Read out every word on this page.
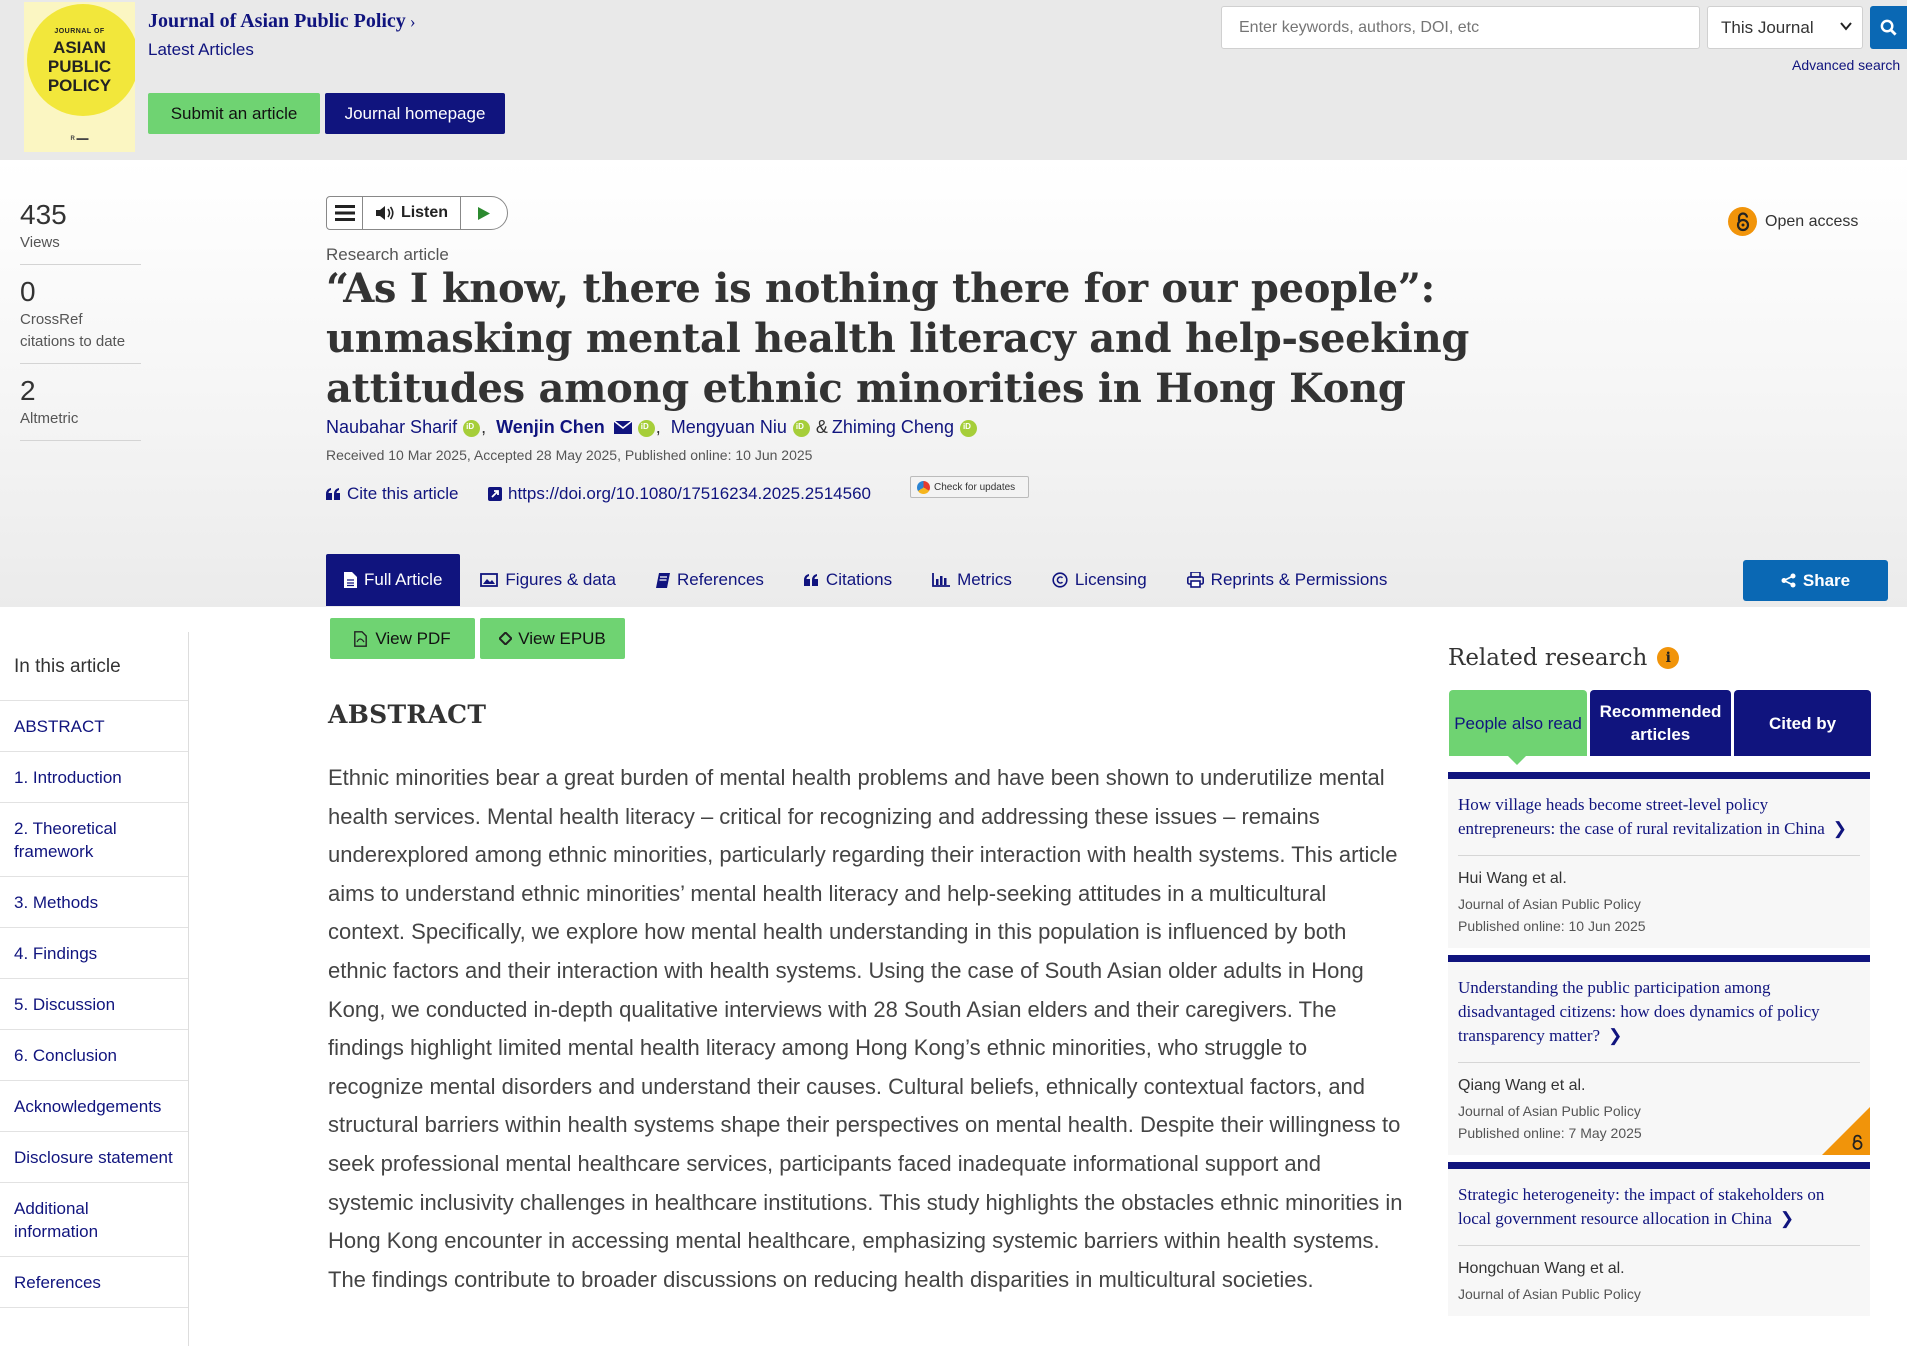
JOURNAL OF
ASIAN
PUBLIC
POLICY
R ▬▬
Journal of Asian Public Policy ›
Latest Articles
Submit an article	Journal homepage
Enter keywords, authors, DOI, etc
This Journal
Advanced search
435
Views
0
CrossRef citations to date
2
Altmetric
Listen	Open access
Research article
“As I know, there is nothing there for our people”: unmasking mental health literacy and help-seeking attitudes among ethnic minorities in Hong Kong
Naubahar Sharif iD , Wenjin Chen iD	, Mengyuan Niu iD & Zhiming Cheng
iD
Received 10 Mar 2025, Accepted 28 May 2025, Published online: 10 Jun 2025
Cite this article	https://doi.org/10.1080/17516234.2025.2514560	Check for updates
Full Article	Figures & data	References	Citations	Metrics	Licensing	Reprints & Permissions	Share
View PDF	View EPUB
In this article
ABSTRACT
1. Introduction
2. Theoretical framework
3. Methods
4. Findings
5. Discussion
6. Conclusion
Acknowledgements
Disclosure statement
Additional information
References
ABSTRACT

Ethnic minorities bear a great burden of mental health problems and have been shown to underutilize mental health services. Mental health literacy – critical for recognizing and addressing these issues – remains underexplored among ethnic minorities, particularly regarding their interaction with health systems. This article aims to understand ethnic minorities’ mental health literacy and help-seeking attitudes in a multicultural context. Specifically, we explore how mental health understanding in this population is influenced by both ethnic factors and their interaction with health systems. Using the case of South Asian older adults in Hong Kong, we conducted in-depth qualitative interviews with 28 South Asian elders and their caregivers. The findings highlight limited mental health literacy among Hong Kong’s ethnic minorities, who struggle to recognize mental disorders and understand their causes. Cultural beliefs, ethnically contextual factors, and structural barriers within health systems shape their perspectives on mental health. Despite their willingness to seek professional mental healthcare services, participants faced inadequate informational support and systemic inclusivity challenges in healthcare institutions. This study highlights the obstacles ethnic minorities in Hong Kong encounter in accessing mental healthcare, emphasizing systemic barriers within health systems. The findings contribute to broader discussions on reducing health disparities in multicultural societies.

Related research	i
People also read
Recommended articles
Cited by
How village heads become street-level policy entrepreneurs: the case of rural revitalization in China ❯
Hui Wang et al.
Journal of Asian Public Policy
Published online: 10 Jun 2025
Understanding the public participation among disadvantaged citizens: how does dynamics of policy transparency matter? ❯
Qiang Wang et al.
Journal of Asian Public Policy
Published online: 7 May 2025
Strategic heterogeneity: the impact of stakeholders on local government resource allocation in China ❯
Hongchuan Wang et al.
Journal of Asian Public Policy
